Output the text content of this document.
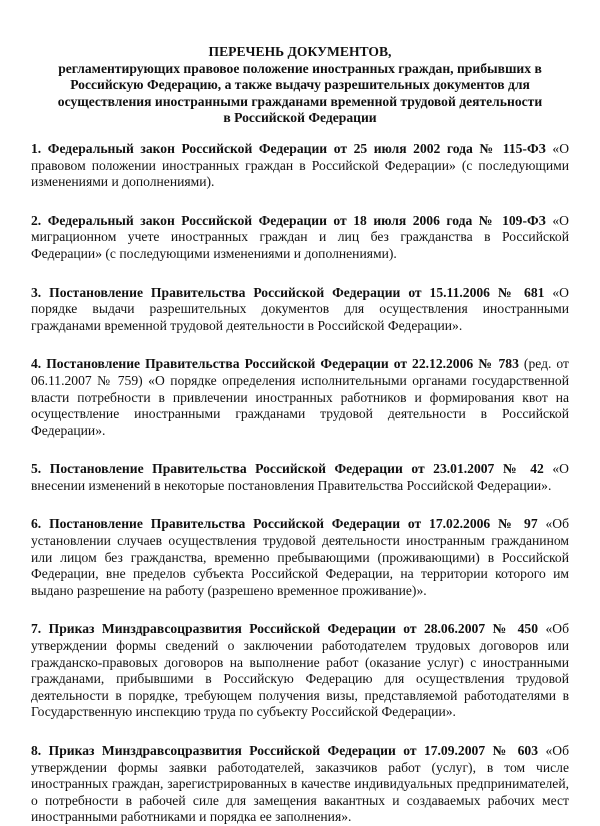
ПЕРЕЧЕНЬ ДОКУМЕНТОВ,
регламентирующих правовое положение иностранных граждан, прибывших в
Российскую Федерацию, а также выдачу разрешительных документов для
осуществления иностранными гражданами временной трудовой деятельности
в Российской Федерации

1. Федеральный закон Российской Федерации от 25 июля 2002 года № 115-ФЗ «О правовом положении иностранных граждан в Российской Федерации» (с последующими изменениями и дополнениями).

2. Федеральный закон Российской Федерации от 18 июля 2006 года № 109-ФЗ «О миграционном учете иностранных граждан и лиц без гражданства в Российской Федерации» (с последующими изменениями и дополнениями).

3. Постановление Правительства Российской Федерации от 15.11.2006 № 681 «О порядке выдачи разрешительных документов для осуществления иностранными гражданами временной трудовой деятельности в Российской Федерации».

4. Постановление Правительства Российской Федерации от 22.12.2006 № 783 (ред. от 06.11.2007 № 759) «О порядке определения исполнительными органами государственной власти потребности в привлечении иностранных работников и формирования квот на осуществление иностранными гражданами трудовой деятельности в Российской Федерации».

5. Постановление Правительства Российской Федерации от 23.01.2007 № 42 «О внесении изменений в некоторые постановления Правительства Российской Федерации».

6. Постановление Правительства Российской Федерации от 17.02.2006 № 97 «Об установлении случаев осуществления трудовой деятельности иностранным гражданином или лицом без гражданства, временно пребывающими (проживающими) в Российской Федерации, вне пределов субъекта Российской Федерации, на территории которого им выдано разрешение на работу (разрешено временное проживание)».

7. Приказ Минздравсоцразвития Российской Федерации от 28.06.2007 № 450 «Об утверждении формы сведений о заключении работодателем трудовых договоров или гражданско-правовых договоров на выполнение работ (оказание услуг) с иностранными гражданами, прибывшими в Российскую Федерацию для осуществления трудовой деятельности в порядке, требующем получения визы, представляемой работодателями в Государственную инспекцию труда по субъекту Российской Федерации».

8. Приказ Минздравсоцразвития Российской Федерации от 17.09.2007 № 603 «Об утверждении формы заявки работодателей, заказчиков работ (услуг), в том числе иностранных граждан, зарегистрированных в качестве индивидуальных предпринимателей, о потребности в рабочей силе для замещения вакантных и создаваемых рабочих мест иностранными работниками и порядка ее заполнения».
